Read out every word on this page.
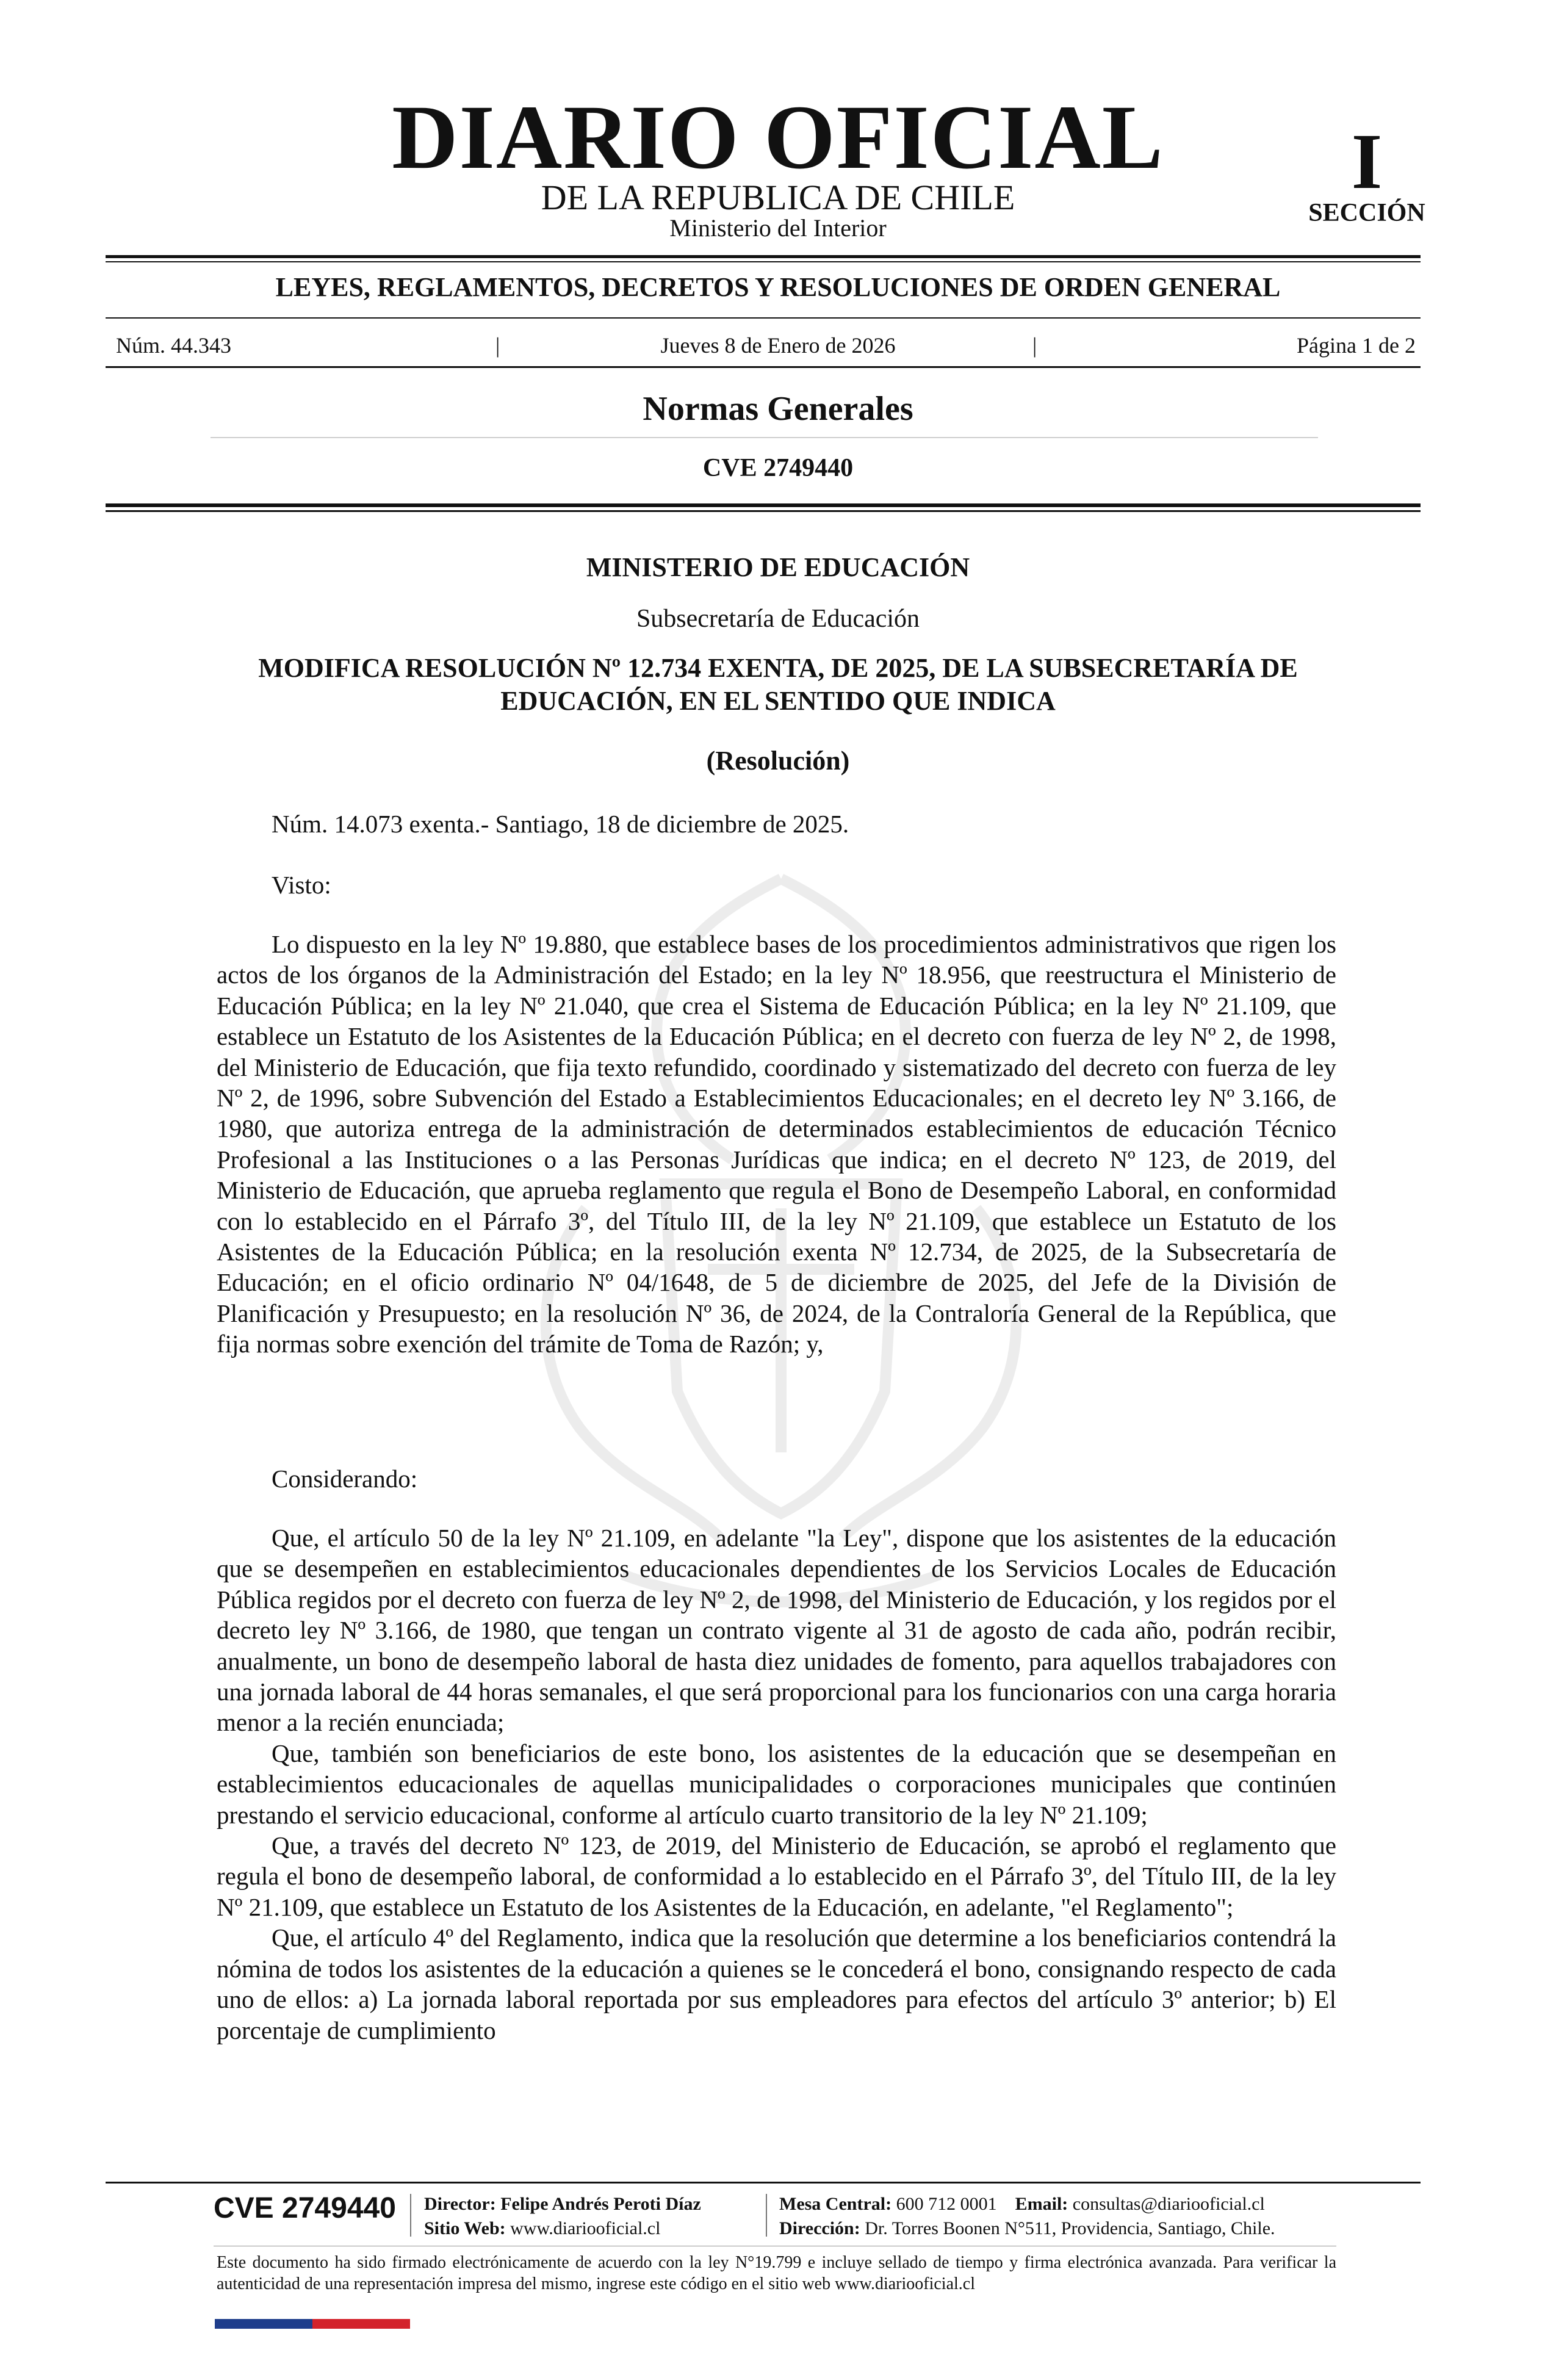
DIARIO OFICIAL
DE LA REPUBLICA DE CHILE
Ministerio del Interior
I
SECCIÓN
LEYES, REGLAMENTOS, DECRETOS Y RESOLUCIONES DE ORDEN GENERAL
Núm. 44.343	|	Jueves 8 de Enero de 2026	|	Página 1 de 2
Normas Generales
CVE 2749440
MINISTERIO DE EDUCACIÓN
Subsecretaría de Educación
MODIFICA RESOLUCIÓN Nº 12.734 EXENTA, DE 2025, DE LA SUBSECRETARÍA DE EDUCACIÓN, EN EL SENTIDO QUE INDICA
(Resolución)
Núm. 14.073 exenta.- Santiago, 18 de diciembre de 2025.
Visto:

Lo dispuesto en la ley Nº 19.880, que establece bases de los procedimientos administrativos que rigen los actos de los órganos de la Administración del Estado; en la ley Nº 18.956, que reestructura el Ministerio de Educación Pública; en la ley Nº 21.040, que crea el Sistema de Educación Pública; en la ley Nº 21.109, que establece un Estatuto de los Asistentes de la Educación Pública; en el decreto con fuerza de ley Nº 2, de 1998, del Ministerio de Educación, que fija texto refundido, coordinado y sistematizado del decreto con fuerza de ley Nº 2, de 1996, sobre Subvención del Estado a Establecimientos Educacionales; en el decreto ley Nº 3.166, de 1980, que autoriza entrega de la administración de determinados establecimientos de educación Técnico Profesional a las Instituciones o a las Personas Jurídicas que indica; en el decreto Nº 123, de 2019, del Ministerio de Educación, que aprueba reglamento que regula el Bono de Desempeño Laboral, en conformidad con lo establecido en el Párrafo 3º, del Título III, de la ley Nº 21.109, que establece un Estatuto de los Asistentes de la Educación Pública; en la resolución exenta Nº 12.734, de 2025, de la Subsecretaría de Educación; en el oficio ordinario Nº 04/1648, de 5 de diciembre de 2025, del Jefe de la División de Planificación y Presupuesto; en la resolución Nº 36, de 2024, de la Contraloría General de la República, que fija normas sobre exención del trámite de Toma de Razón; y,

Considerando:

Que, el artículo 50 de la ley Nº 21.109, en adelante "la Ley", dispone que los asistentes de la educación que se desempeñen en establecimientos educacionales dependientes de los Servicios Locales de Educación Pública regidos por el decreto con fuerza de ley Nº 2, de 1998, del Ministerio de Educación, y los regidos por el decreto ley Nº 3.166, de 1980, que tengan un contrato vigente al 31 de agosto de cada año, podrán recibir, anualmente, un bono de desempeño laboral de hasta diez unidades de fomento, para aquellos trabajadores con una jornada laboral de 44 horas semanales, el que será proporcional para los funcionarios con una carga horaria menor a la recién enunciada;

Que, también son beneficiarios de este bono, los asistentes de la educación que se desempeñan en establecimientos educacionales de aquellas municipalidades o corporaciones municipales que continúen prestando el servicio educacional, conforme al artículo cuarto transitorio de la ley Nº 21.109;

Que, a través del decreto Nº 123, de 2019, del Ministerio de Educación, se aprobó el reglamento que regula el bono de desempeño laboral, de conformidad a lo establecido en el Párrafo 3º, del Título III, de la ley Nº 21.109, que establece un Estatuto de los Asistentes de la Educación, en adelante, "el Reglamento";

Que, el artículo 4º del Reglamento, indica que la resolución que determine a los beneficiarios contendrá la nómina de todos los asistentes de la educación a quienes se le concederá el bono, consignando respecto de cada uno de ellos: a) La jornada laboral reportada por sus empleadores para efectos del artículo 3º anterior; b) El porcentaje de cumplimiento

CVE 2749440 Director: Felipe Andrés Peroti Díaz
Sitio Web: www.diariooficial.cl
Mesa Central: 600 712 0001 Email: consultas@diariooficial.cl
Dirección: Dr. Torres Boonen N°511, Providencia, Santiago, Chile.
Este documento ha sido firmado electrónicamente de acuerdo con la ley N°19.799 e incluye sellado de tiempo y firma electrónica avanzada. Para verificar la autenticidad de una representación impresa del mismo, ingrese este código en el sitio web www.diariooficial.cl
